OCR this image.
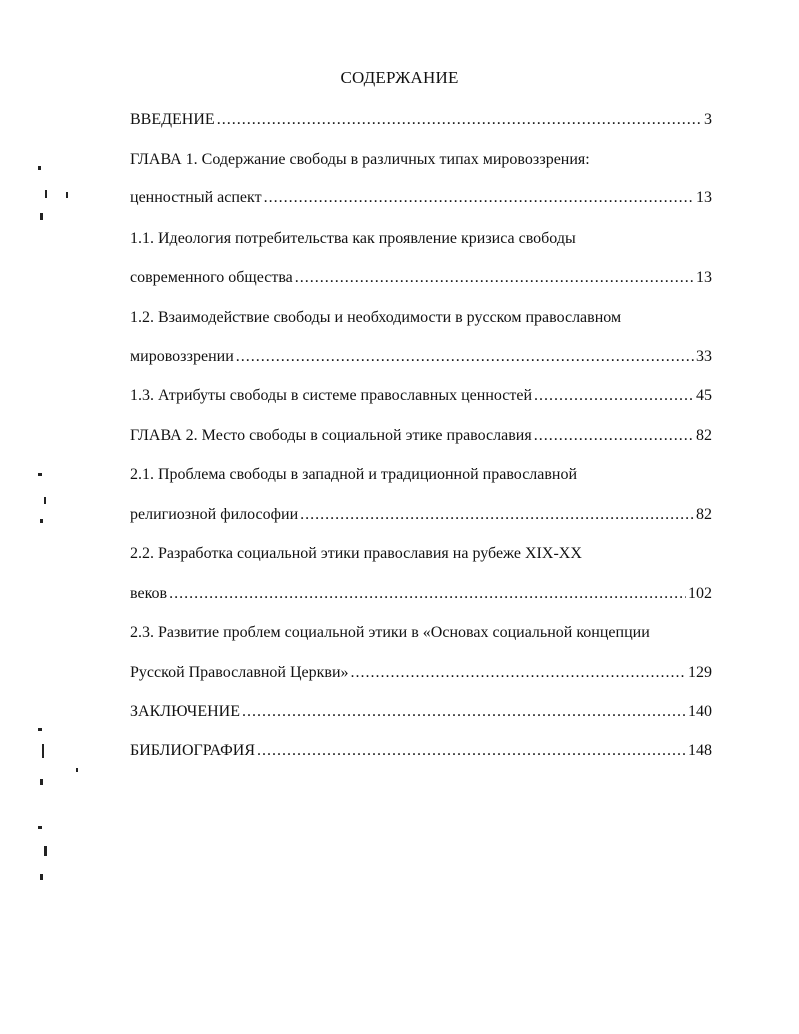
СОДЕРЖАНИЕ
ВВЕДЕНИЕ .....	3
ГЛАВА 1. Содержание свободы в различных типах мировоззрения:
ценностный аспект .....	13
1.1. Идеология потребительства как проявление кризиса свободы
современного общества .....	13
1.2. Взаимодействие свободы и необходимости в русском православном
мировоззрении .....	33
1.3. Атрибуты свободы в системе православных ценностей .....	45
ГЛАВА 2. Место свободы в социальной этике православия .....	82
2.1. Проблема свободы в западной и традиционной православной
религиозной философии .....	82
2.2. Разработка социальной этики православия на рубеже XIX-XX
веков .....	102
2.3. Развитие проблем социальной этики в «Основах социальной концепции
Русской Православной Церкви» .....	129
ЗАКЛЮЧЕНИЕ .....	140
БИБЛИОГРАФИЯ .....	148
